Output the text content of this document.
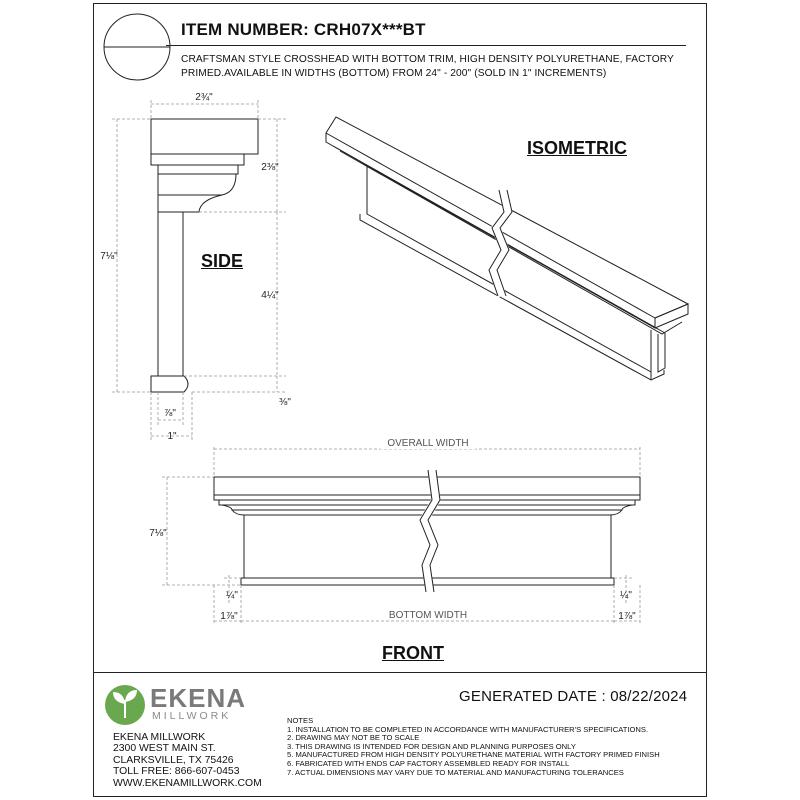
ITEM NUMBER: CRH07X***BT
CRAFTSMAN STYLE CROSSHEAD WITH BOTTOM TRIM, HIGH DENSITY POLYURETHANE, FACTORY
PRIMED.AVAILABLE IN WIDTHS (BOTTOM) FROM 24" - 200" (SOLD IN 1" INCREMENTS)
2¾"
2⅜"
7⅛"
4¼"
⅜"
⅞"
1"
OVERALL WIDTH
7⅛"
¼"	¼"
1⅞"	1⅞"
BOTTOM WIDTH
ISOMETRIC
SIDE
FRONT
EKENA
MILLWORK
GENERATED DATE : 08/22/2024
NOTES
1. INSTALLATION TO BE COMPLETED IN ACCORDANCE WITH MANUFACTURER'S SPECIFICATIONS.
2. DRAWING MAY NOT BE TO SCALE
3. THIS DRAWING IS INTENDED FOR DESIGN AND PLANNING PURPOSES ONLY
5. MANUFACTURED FROM HIGH DENSITY POLYURETHANE MATERIAL WITH FACTORY PRIMED FINISH
6. FABRICATED WITH ENDS CAP FACTORY ASSEMBLED READY FOR INSTALL
7. ACTUAL DIMENSIONS MAY VARY DUE TO MATERIAL AND MANUFACTURING TOLERANCES
EKENA MILLWORK
2300 WEST MAIN ST.
CLARKSVILLE, TX 75426
TOLL FREE: 866-607-0453
WWW.EKENAMILLWORK.COM
